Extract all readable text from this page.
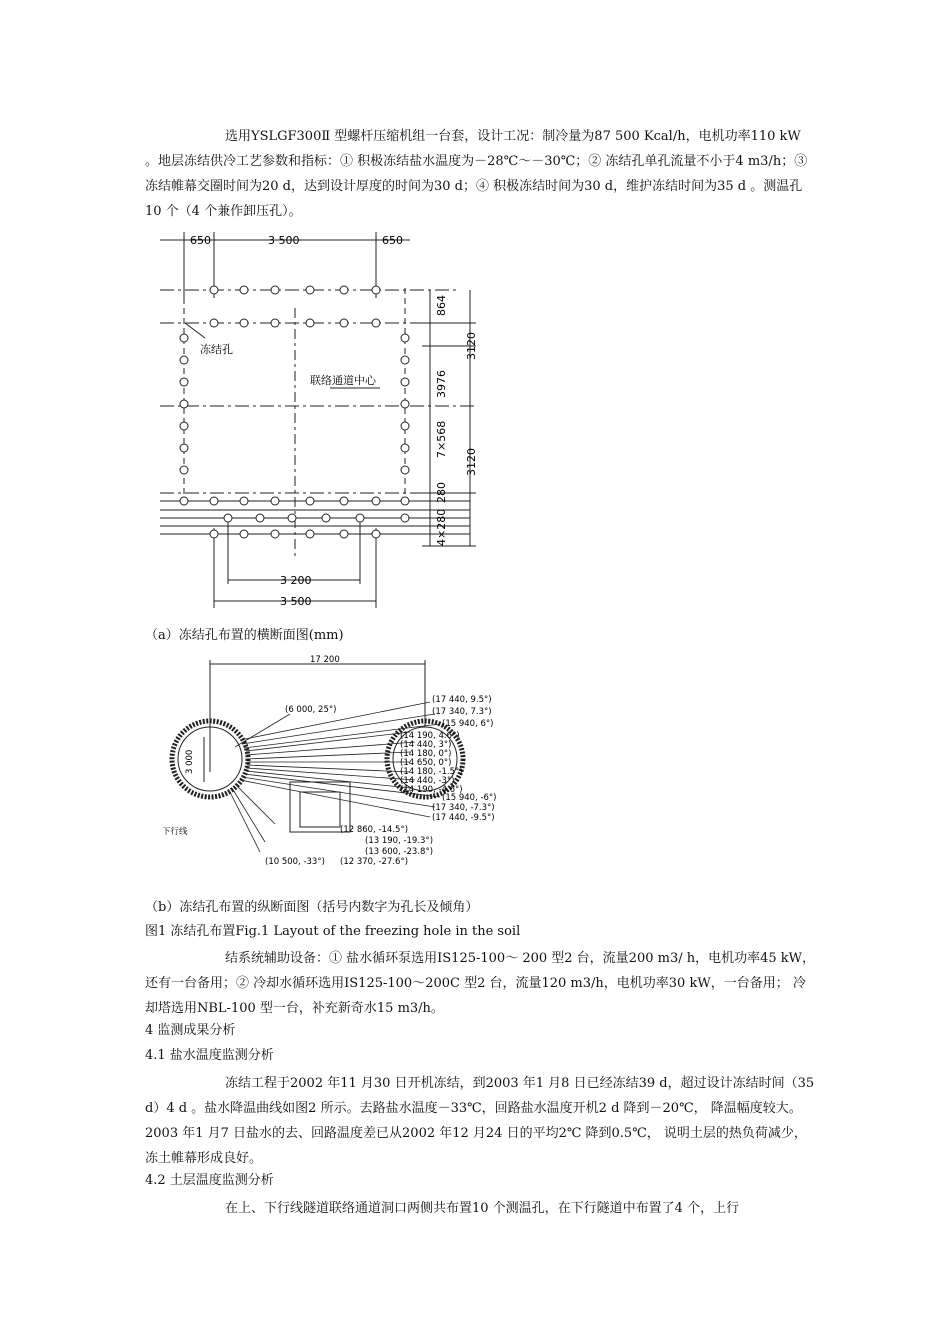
选用YSLGF300Ⅱ 型螺杆压缩机组一台套，设计工况：制冷量为87 500 Kcal/h，电机功率110 kW 。地层冻结供冷工艺参数和指标：① 积极冻结盐水温度为－28℃～－30℃；② 冻结孔单孔流量不小于4 m3/h；③ 冻结帷幕交圈时间为20 d，达到设计厚度的时间为30 d；④ 积极冻结时间为30 d，维护冻结时间为35 d 。测温孔10 个（4 个兼作卸压孔）。

650	3 500	650
864
3120
3976
7×568
3120
280
4×280
3 200
3 500
冻结孔
联络通道中心
（a）冻结孔布置的横断面图(mm)
17 200
3 000
下行线
(6 000, 25°)
(17 440, 9.5°)
(17 340, 7.3°)
(15 940, 6°)
(14 190, 4.6°)
(14 440, 3°)
(14 180, 0°)
(14 650, 0°)
(14 180, -1.5°)
(14 440, -3°)
(14 190, -4.6°)
(15 940, -6°)
(17 340, -7.3°)
(17 440, -9.5°)
(12 860, -14.5°)
(13 190, -19.3°)
(13 600, -23.8°)
(12 370, -27.6°)
(10 500, -33°)
（b）冻结孔布置的纵断面图（括号内数字为孔长及倾角）
图1 冻结孔布置Fig.1 Layout of the freezing hole in the soil

结系统辅助设备：① 盐水循环泵选用IS125-100～ 200 型2 台，流量200 m3/ h，电机功率45 kW， 还有一台备用；② 冷却水循环选用IS125-100～200C 型2 台，流量120 m3/h，电机功率30 kW，一台备用； 冷却塔选用NBL-100 型一台，补充新奇水15 m3/h。

4 监测成果分析
4.1 盐水温度监测分析

冻结工程于2002 年11 月30 日开机冻结，到2003 年1 月8 日已经冻结39 d，超过设计冻结时间（35 d）4 d 。盐水降温曲线如图2 所示。去路盐水温度－33℃，回路盐水温度开机2 d 降到－20℃， 降温幅度较大。2003 年1 月7 日盐水的去、回路温度差已从2002 年12 月24 日的平均2℃ 降到0.5℃， 说明土层的热负荷减少，冻土帷幕形成良好。

4.2 土层温度监测分析

在上、下行线隧道联络通道洞口两侧共布置10 个测温孔，在下行隧道中布置了4 个，上行
